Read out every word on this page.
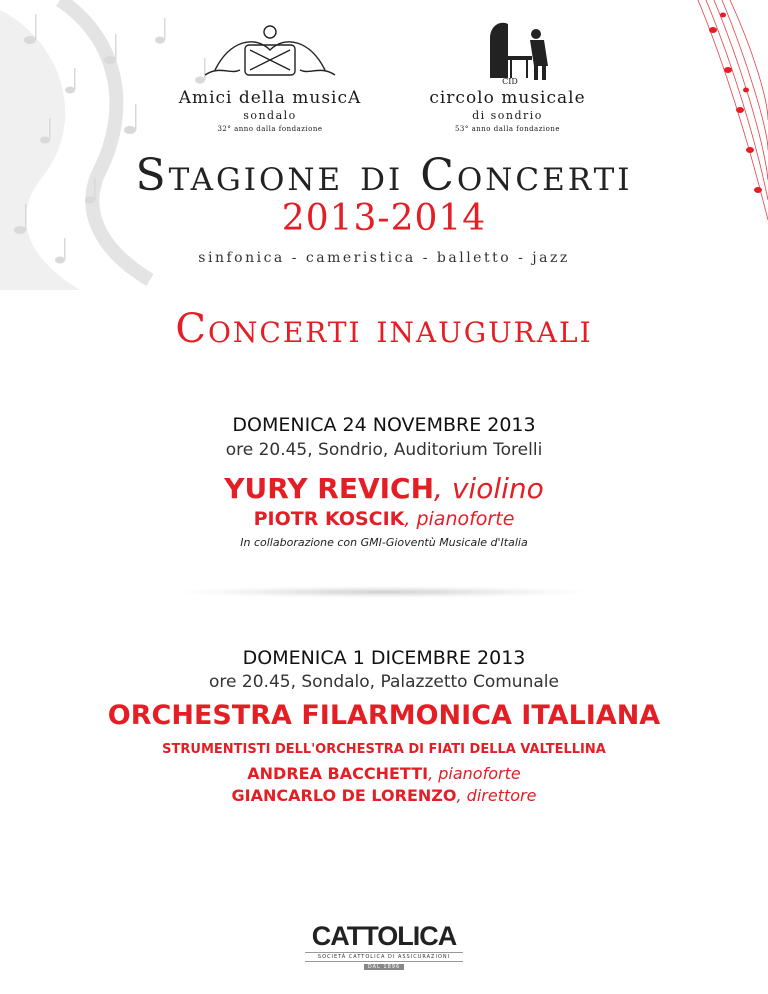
Amici della musicA
sondalo
32° anno dalla fondazione
CID
circolo musicale
di sondrio
53° anno dalla fondazione
Stagione di Concerti
2013-2014
sinfonica - cameristica - balletto - jazz
Concerti inaugurali
DOMENICA 24 NOVEMBRE 2013
ore 20.45, Sondrio, Auditorium Torelli
YURY REVICH, violino
PIOTR KOSCIK, pianoforte
In collaborazione con GMI-Gioventù Musicale d'Italia
DOMENICA 1 DICEMBRE 2013
ore 20.45, Sondalo, Palazzetto Comunale
ORCHESTRA FILARMONICA ITALIANA
STRUMENTISTI DELL'ORCHESTRA DI FIATI DELLA VALTELLINA
ANDREA BACCHETTI, pianoforte
GIANCARLO DE LORENZO, direttore
CATTOLICA
SOCIETÀ CATTOLICA DI ASSICURAZIONI
DAL 1896
